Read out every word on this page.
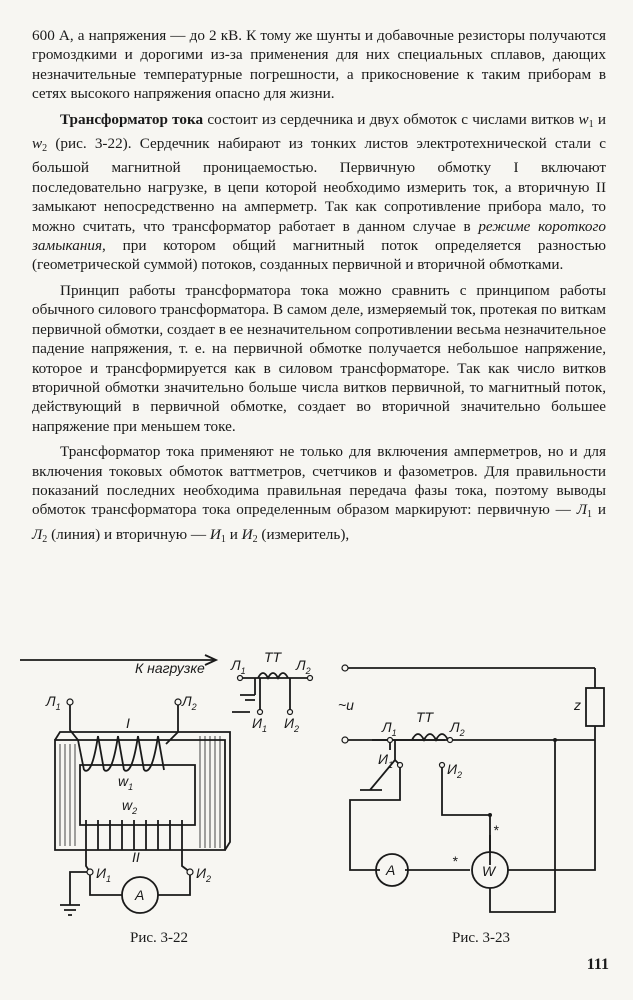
600 А, а напряжения — до 2 кВ. К тому же шунты и добавочные резисторы получаются громоздкими и дорогими из-за применения для них специальных сплавов, дающих незначительные температурные погрешности, а прикосновение к таким приборам в сетях высокого напряжения опасно для жизни.

Трансформатор тока состоит из сердечника и двух обмоток с числами витков $w_1$ и $w_2$ (рис. 3-22). Сердечник набирают из тонких листов электротехнической стали с большой магнитной проницаемостью. Первичную обмотку I включают последовательно нагрузке, в цепи которой необходимо измерить ток, а вторичную II замыкают непосредственно на амперметр. Так как сопротивление прибора мало, то можно считать, что трансформатор работает в данном случае в режиме короткого замыкания, при котором общий магнитный поток определяется разностью (геометрической суммой) потоков, созданных первичной и вторичной обмотками.

Принцип работы трансформатора тока можно сравнить с принципом работы обычного силового трансформатора. В самом деле, измеряемый ток, протекая по виткам первичной обмотки, создает в ее незначительном сопротивлении весьма незначительное падение напряжения, т. е. на первичной обмотке получается небольшое напряжение, которое и трансформируется как в силовом трансформаторе. Так как число витков вторичной обмотки значительно больше числа витков первичной, то магнитный поток, действующий в первичной обмотке, создает во вторичной значительно большее напряжение при меньшем токе.

Трансформатор тока применяют не только для включения амперметров, но и для включения токовых обмоток ваттметров, счетчиков и фазометров. Для правильности показаний последних необходима правильная передача фазы тока, поэтому выводы обмоток трансформатора тока определенным образом маркируют: первичную — $Л_1$ и $Л_2$ (линия) и вторичную — $И_1$ и $И_2$ (измеритель),

К нагрузке
$Л_1$	$Л_2$
I
$w_1$
$w_2$
II
$И_1$	$И_2$
A
ТТ
$Л_1$	$Л_2$
$И_1$ $И_2$
Рис. 3-22
~u	z
ТТ
$Л_1$	$Л_2$
$И_1$	$И_2$
A	W
*
*
Рис. 3-23
111
